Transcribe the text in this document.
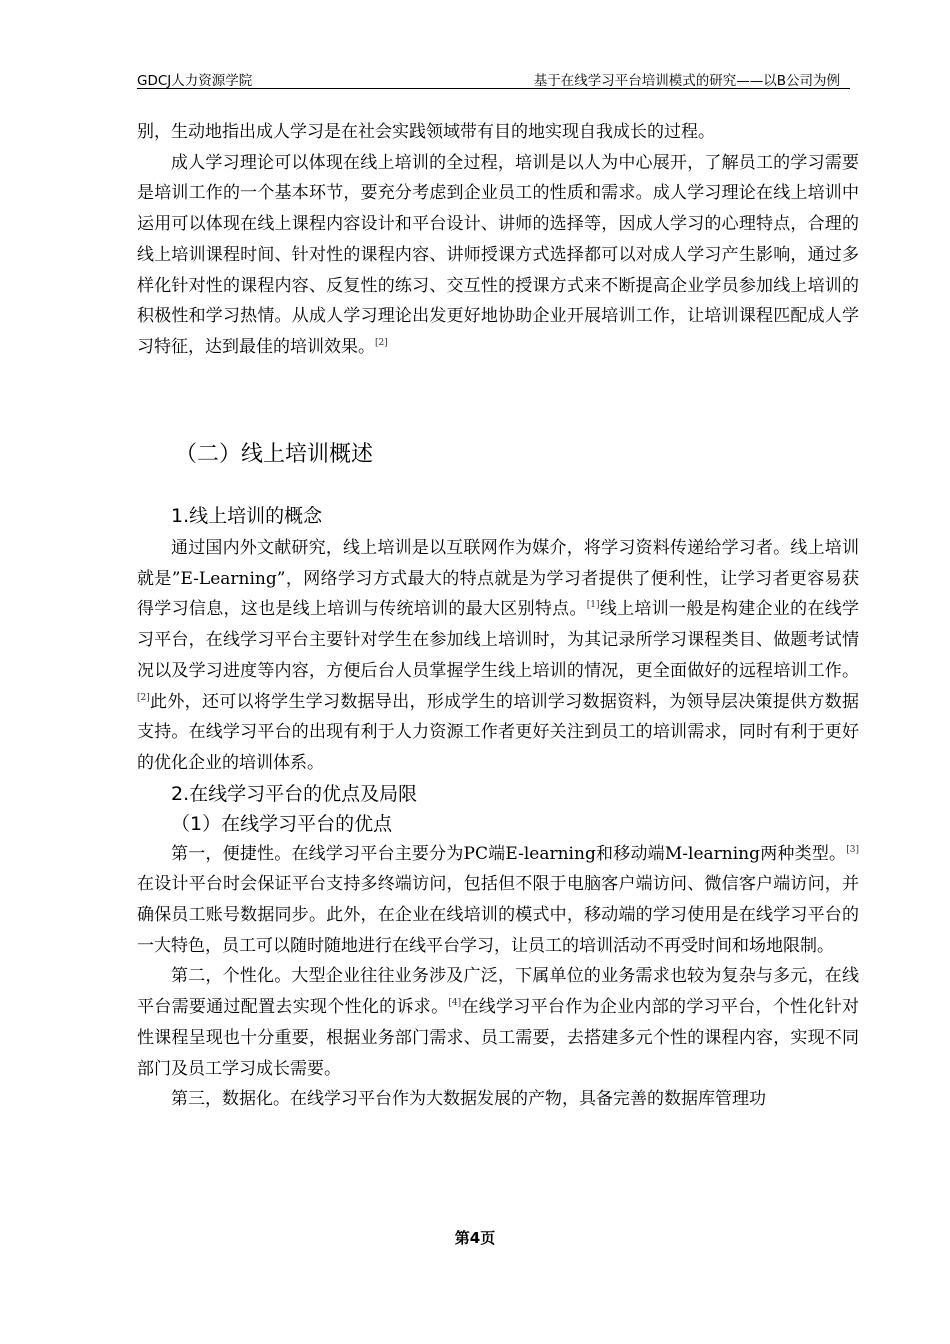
GDCJ人力资源学院	基于在线学习平台培训模式的研究——以B公司为例

别，生动地指出成人学习是在社会实践领域带有目的地实现自我成长的过程。

成人学习理论可以体现在线上培训的全过程，培训是以人为中心展开，了解员工的学习需要是培训工作的一个基本环节，要充分考虑到企业员工的性质和需求。成人学习理论在线上培训中运用可以体现在线上课程内容设计和平台设计、讲师的选择等，因成人学习的心理特点，合理的线上培训课程时间、针对性的课程内容、讲师授课方式选择都可以对成人学习产生影响，通过多样化针对性的课程内容、反复性的练习、交互性的授课方式来不断提高企业学员参加线上培训的积极性和学习热情。从成人学习理论出发更好地协助企业开展培训工作，让培训课程匹配成人学习特征，达到最佳的培训效果。[2]

（二）线上培训概述
1.线上培训的概念

通过国内外文献研究，线上培训是以互联网作为媒介，将学习资料传递给学习者。线上培训就是”E-Learning”，网络学习方式最大的特点就是为学习者提供了便利性，让学习者更容易获得学习信息，这也是线上培训与传统培训的最大区别特点。[1]线上培训一般是构建企业的在线学习平台，在线学习平台主要针对学生在参加线上培训时，为其记录所学习课程类目、做题考试情况以及学习进度等内容，方便后台人员掌握学生线上培训的情况，更全面做好的远程培训工作。[2]此外，还可以将学生学习数据导出，形成学生的培训学习数据资料，为领导层决策提供方数据支持。在线学习平台的出现有利于人力资源工作者更好关注到员工的培训需求，同时有利于更好的优化企业的培训体系。

2.在线学习平台的优点及局限
（1）在线学习平台的优点

第一，便捷性。在线学习平台主要分为PC端E-learning和移动端M-learning两种类型。[3]在设计平台时会保证平台支持多终端访问，包括但不限于电脑客户端访问、微信客户端访问，并确保员工账号数据同步。此外，在企业在线培训的模式中，移动端的学习使用是在线学习平台的一大特色，员工可以随时随地进行在线平台学习，让员工的培训活动不再受时间和场地限制。

第二，个性化。大型企业往往业务涉及广泛，下属单位的业务需求也较为复杂与多元，在线平台需要通过配置去实现个性化的诉求。[4]在线学习平台作为企业内部的学习平台，个性化针对性课程呈现也十分重要，根据业务部门需求、员工需要，去搭建多元个性的课程内容，实现不同部门及员工学习成长需要。

第三，数据化。在线学习平台作为大数据发展的产物，具备完善的数据库管理功

第4页
